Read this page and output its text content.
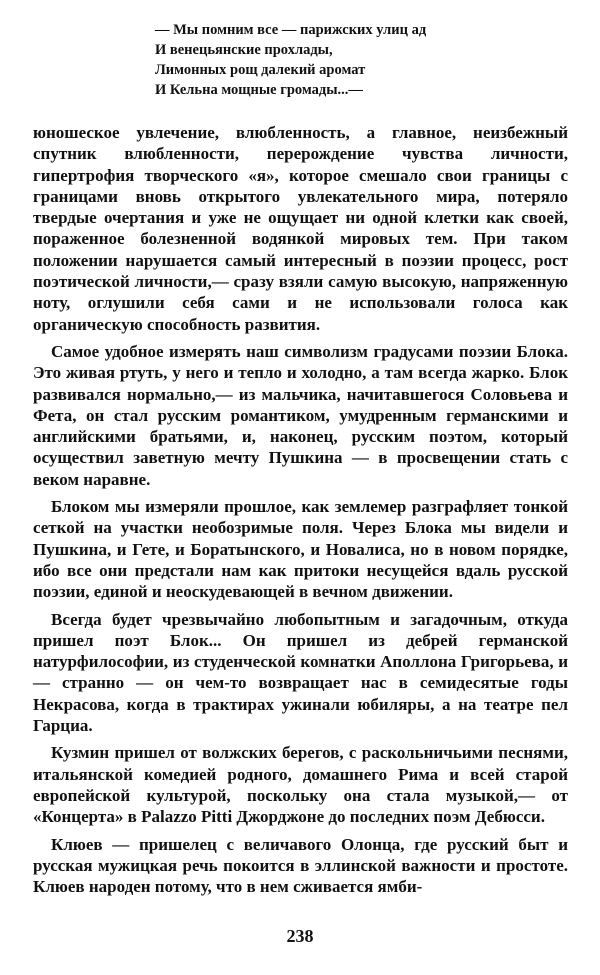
— Мы помним все — парижских улиц ад
И венецьянские прохлады,
Лимонных рощ далекий аромат
И Кельна мощные громады...—

юношеское увлечение, влюбленность, а главное, неизбежный спутник влюбленности, перерождение чувства личности, гипертрофия творческого «я», которое смешало свои границы с границами вновь открытого увлекательного мира, потеряло твердые очертания и уже не ощущает ни одной клетки как своей, пораженное болезненной водянкой мировых тем. При таком положении нарушается самый интересный в поэзии процесс, рост поэтической личности,— сразу взяли самую высокую, напряженную ноту, оглушили себя сами и не использовали голоса как органическую способность развития.

Самое удобное измерять наш символизм градусами поэзии Блока. Это живая ртуть, у него и тепло и холодно, а там всегда жарко. Блок развивался нормально,— из мальчика, начитавшегося Соловьева и Фета, он стал русским романтиком, умудренным германскими и английскими братьями, и, наконец, русским поэтом, который осуществил заветную мечту Пушкина — в просвещении стать с веком наравне.

Блоком мы измеряли прошлое, как землемер разграфляет тонкой сеткой на участки необозримые поля. Через Блока мы видели и Пушкина, и Гете, и Боратынского, и Новалиса, но в новом порядке, ибо все они предстали нам как притоки несущейся вдаль русской поэзии, единой и неоскудевающей в вечном движении.

Всегда будет чрезвычайно любопытным и загадочным, откуда пришел поэт Блок... Он пришел из дебрей германской натурфилософии, из студенческой комнатки Аполлона Григорьева, и — странно — он чем-то возвращает нас в семидесятые годы Некрасова, когда в трактирах ужинали юбиляры, а на театре пел Гарциа.

Кузмин пришел от волжских берегов, с раскольничьими песнями, итальянской комедией родного, домашнего Рима и всей старой европейской культурой, поскольку она стала музыкой,— от «Концерта» в Palazzo Pitti Джорджоне до последних поэм Дебюсси.

Клюев — пришелец с величавого Олонца, где русский быт и русская мужицкая речь покоится в эллинской важности и простоте. Клюев народен потому, что в нем сживается ямби-

238
